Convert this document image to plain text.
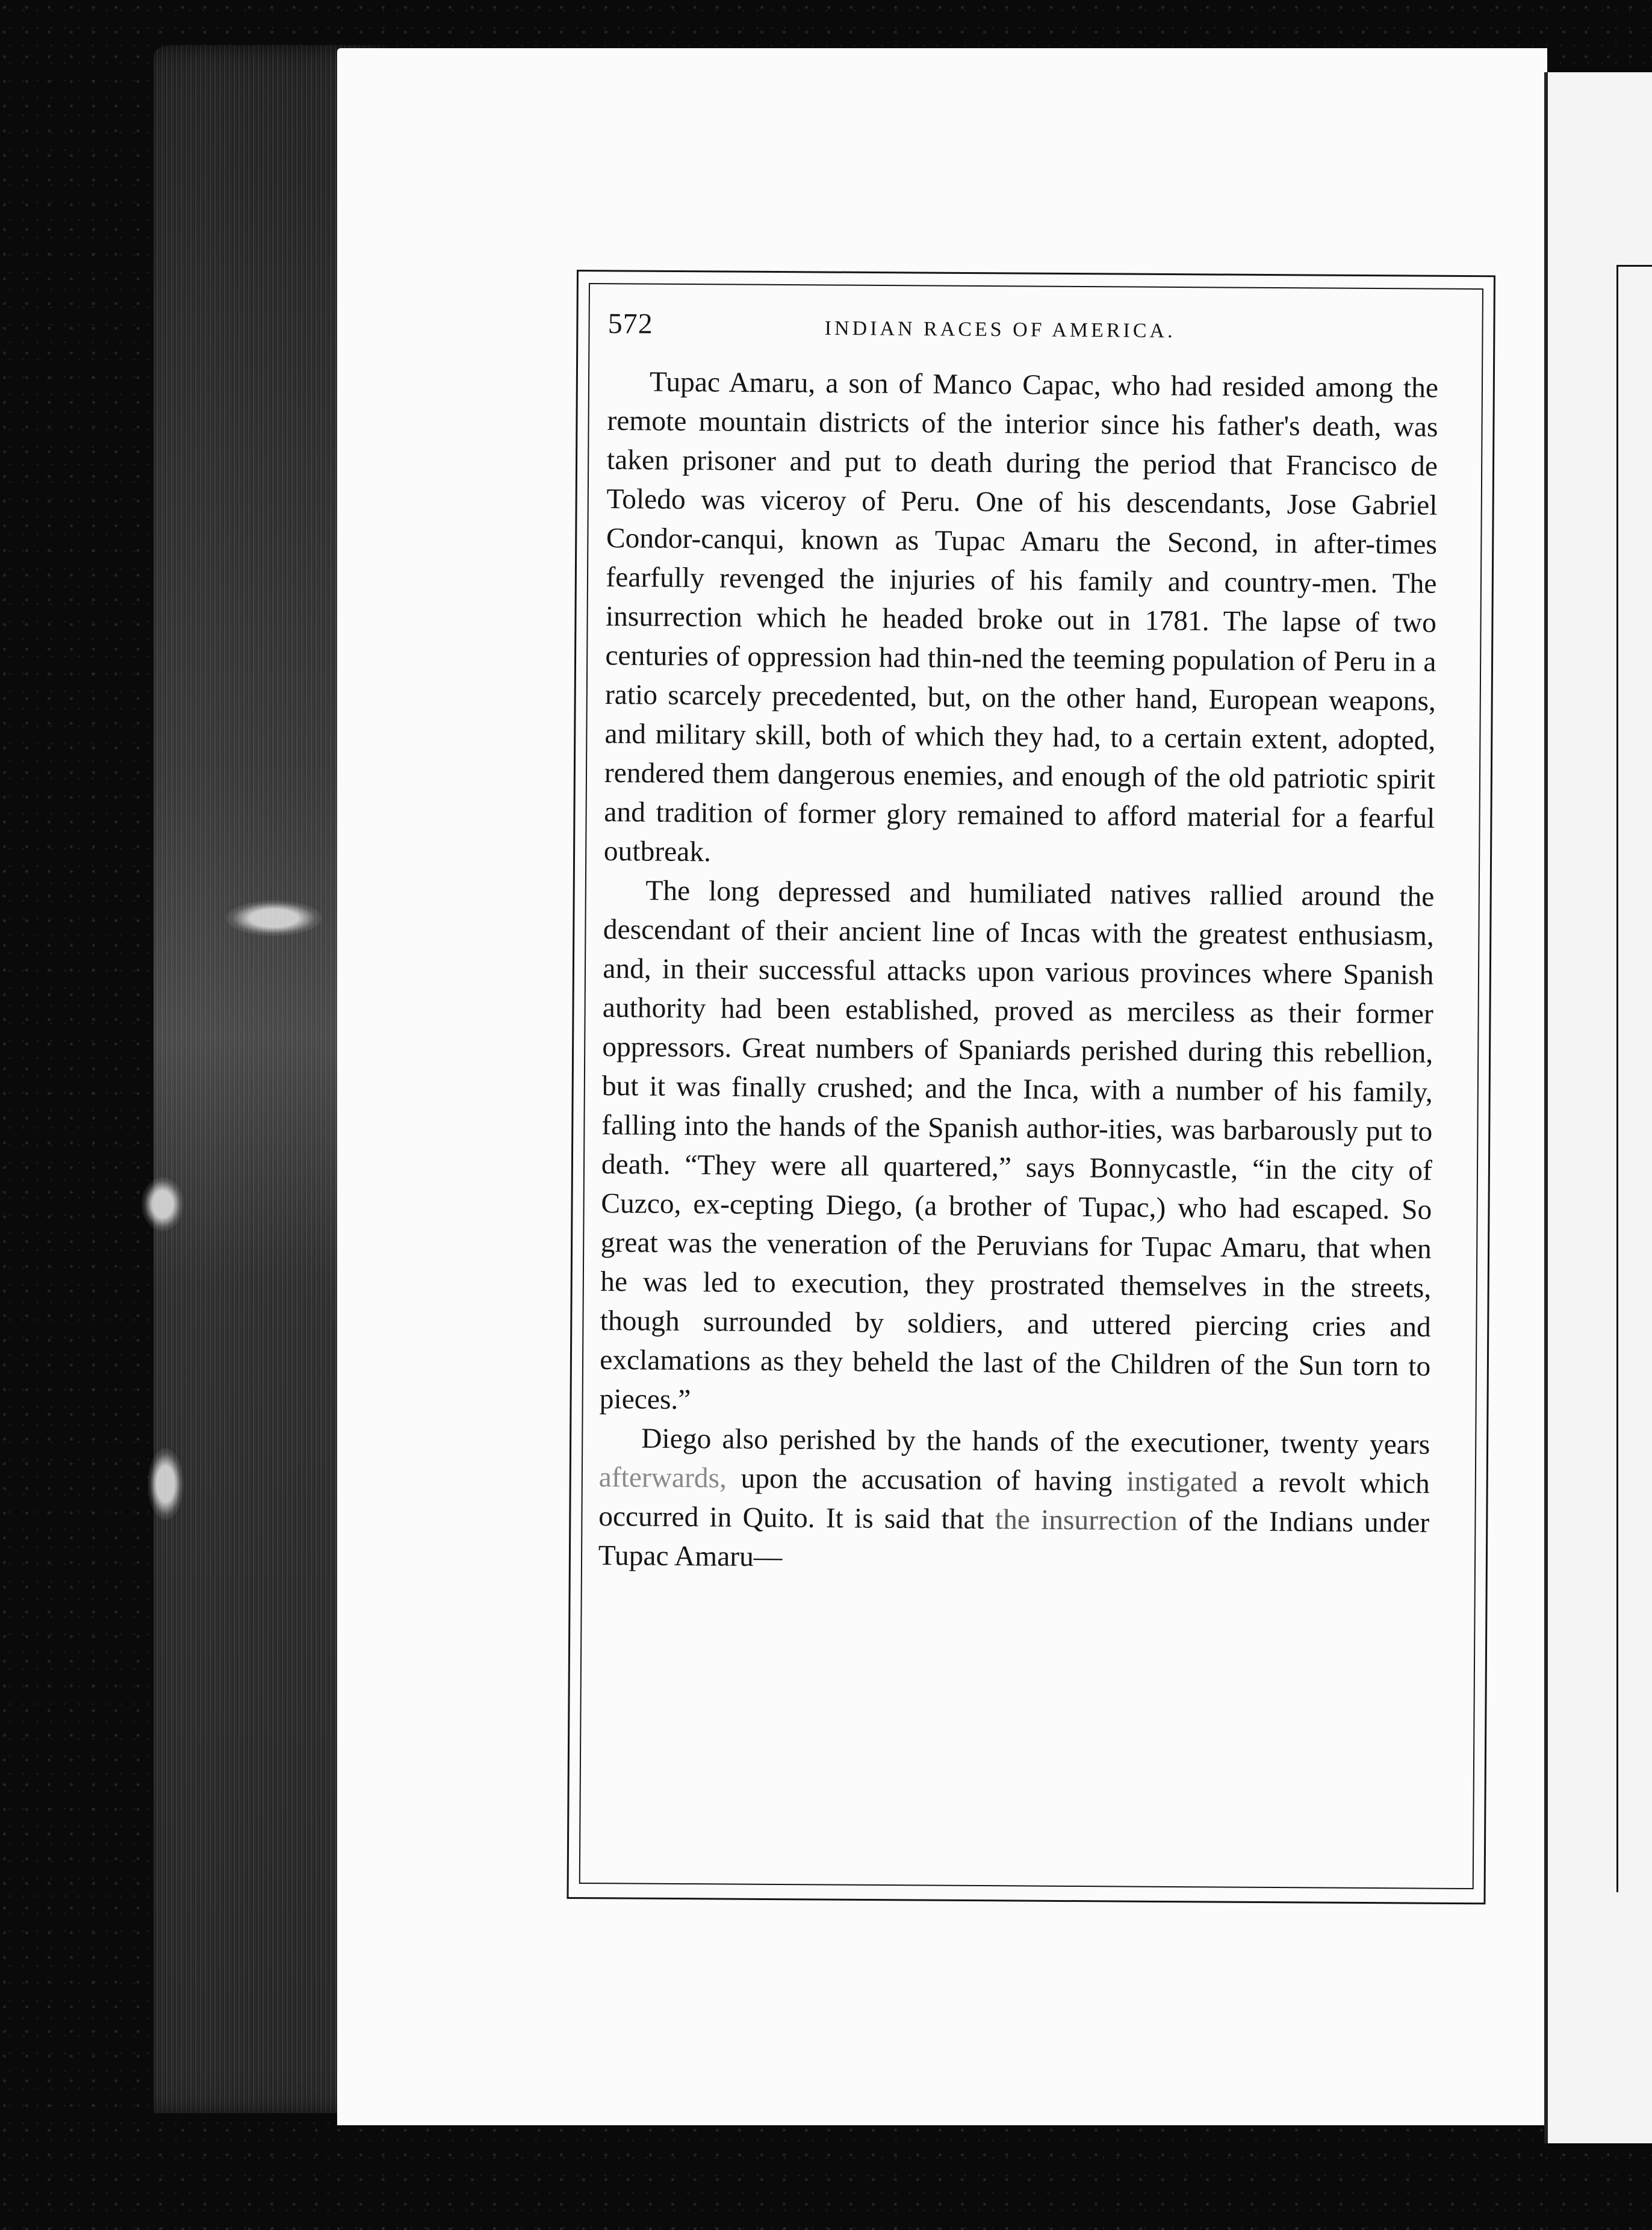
572	INDIAN RACES OF AMERICA.

Tupac Amaru, a son of Manco Capac, who had resided among the remote mountain districts of the interior since his father's death, was taken prisoner and put to death during the period that Francisco de Toledo was viceroy of Peru. One of his descendants, Jose Gabriel Condor-canqui, known as Tupac Amaru the Second, in after-times fearfully revenged the injuries of his family and country-men. The insurrection which he headed broke out in 1781. The lapse of two centuries of oppression had thin-ned the teeming population of Peru in a ratio scarcely precedented, but, on the other hand, European weapons, and military skill, both of which they had, to a certain extent, adopted, rendered them dangerous enemies, and enough of the old patriotic spirit and tradition of former glory remained to afford material for a fearful outbreak.

The long depressed and humiliated natives rallied around the descendant of their ancient line of Incas with the greatest enthusiasm, and, in their successful attacks upon various provinces where Spanish authority had been established, proved as merciless as their former oppressors. Great numbers of Spaniards perished during this rebellion, but it was finally crushed; and the Inca, with a number of his family, falling into the hands of the Spanish author-ities, was barbarously put to death. “They were all quartered,” says Bonnycastle, “in the city of Cuzco, ex-cepting Diego, (a brother of Tupac,) who had escaped. So great was the veneration of the Peruvians for Tupac Amaru, that when he was led to execution, they prostrated themselves in the streets, though surrounded by soldiers, and uttered piercing cries and exclamations as they beheld the last of the Children of the Sun torn to pieces.”

Diego also perished by the hands of the executioner, twenty years afterwards, upon the accusation of having instigated a revolt which occurred in Quito. It is said that the insurrection of the Indians under Tupac Amaru—
